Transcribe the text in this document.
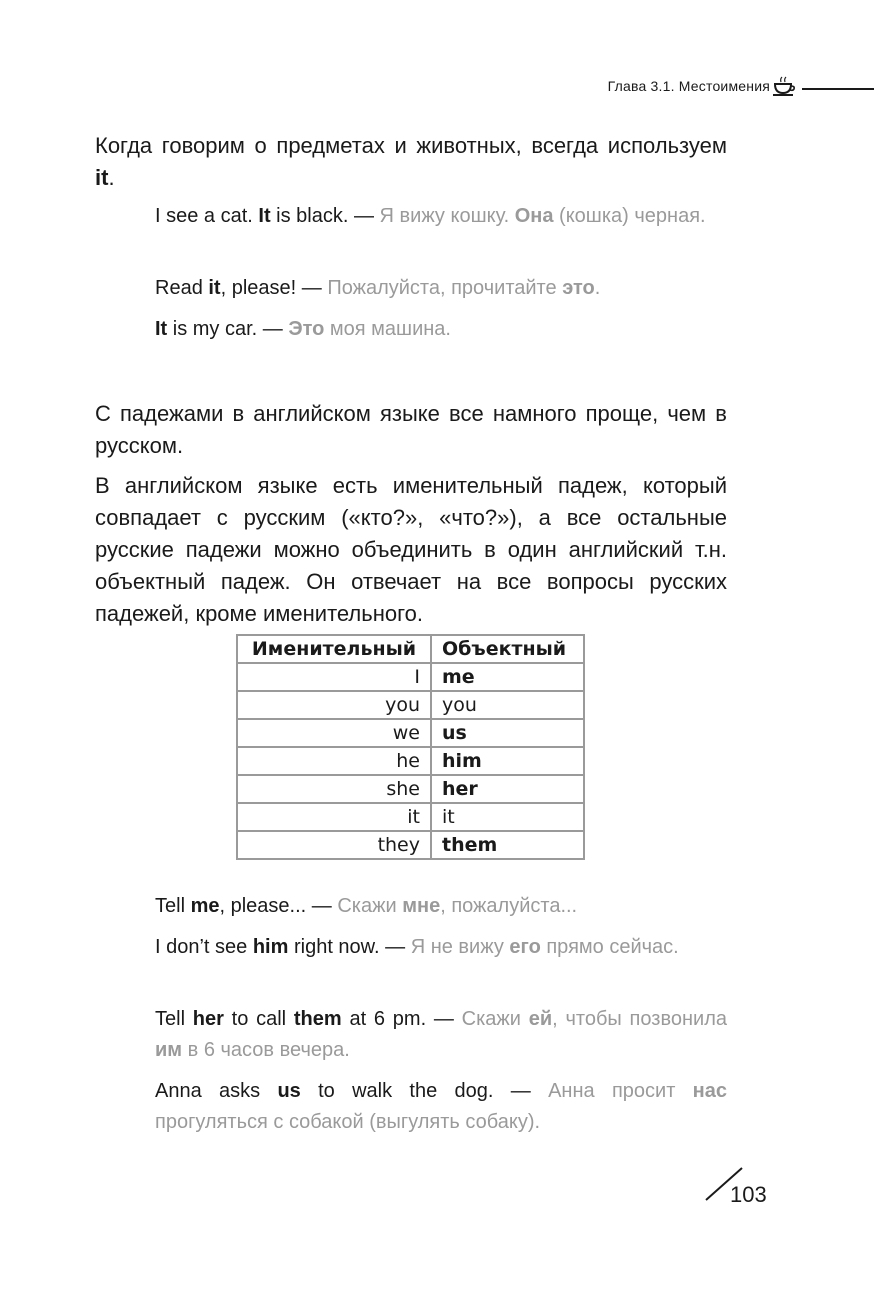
Глава 3.1. Местоимения

Когда говорим о предметах и животных, всегда используем it.

I see a cat. It is black. — Я вижу кошку. Она (кошка) черная.

Read it, please! — Пожалуйста, прочитайте это.

It is my car. — Это моя машина.

С падежами в английском языке все намного проще, чем в русском.

В английском языке есть именительный падеж, который совпадает с русским («кто?», «что?»), а все остальные русские падежи можно объединить в один английский т.н. объектный падеж. Он отвечает на все вопросы русских падежей, кроме именительного.

Именительный	Объектный
I	me
you	you
we	us
he	him
she	her
it	it
they	them

Tell me, please... — Скажи мне, пожалуйста...

I don’t see him right now. — Я не вижу его прямо сейчас.

Tell her to call them at 6 pm. — Скажи ей, чтобы позвонила им в 6 часов вечера.

Anna asks us to walk the dog. — Анна просит нас прогуляться с собакой (выгулять собаку).

103
